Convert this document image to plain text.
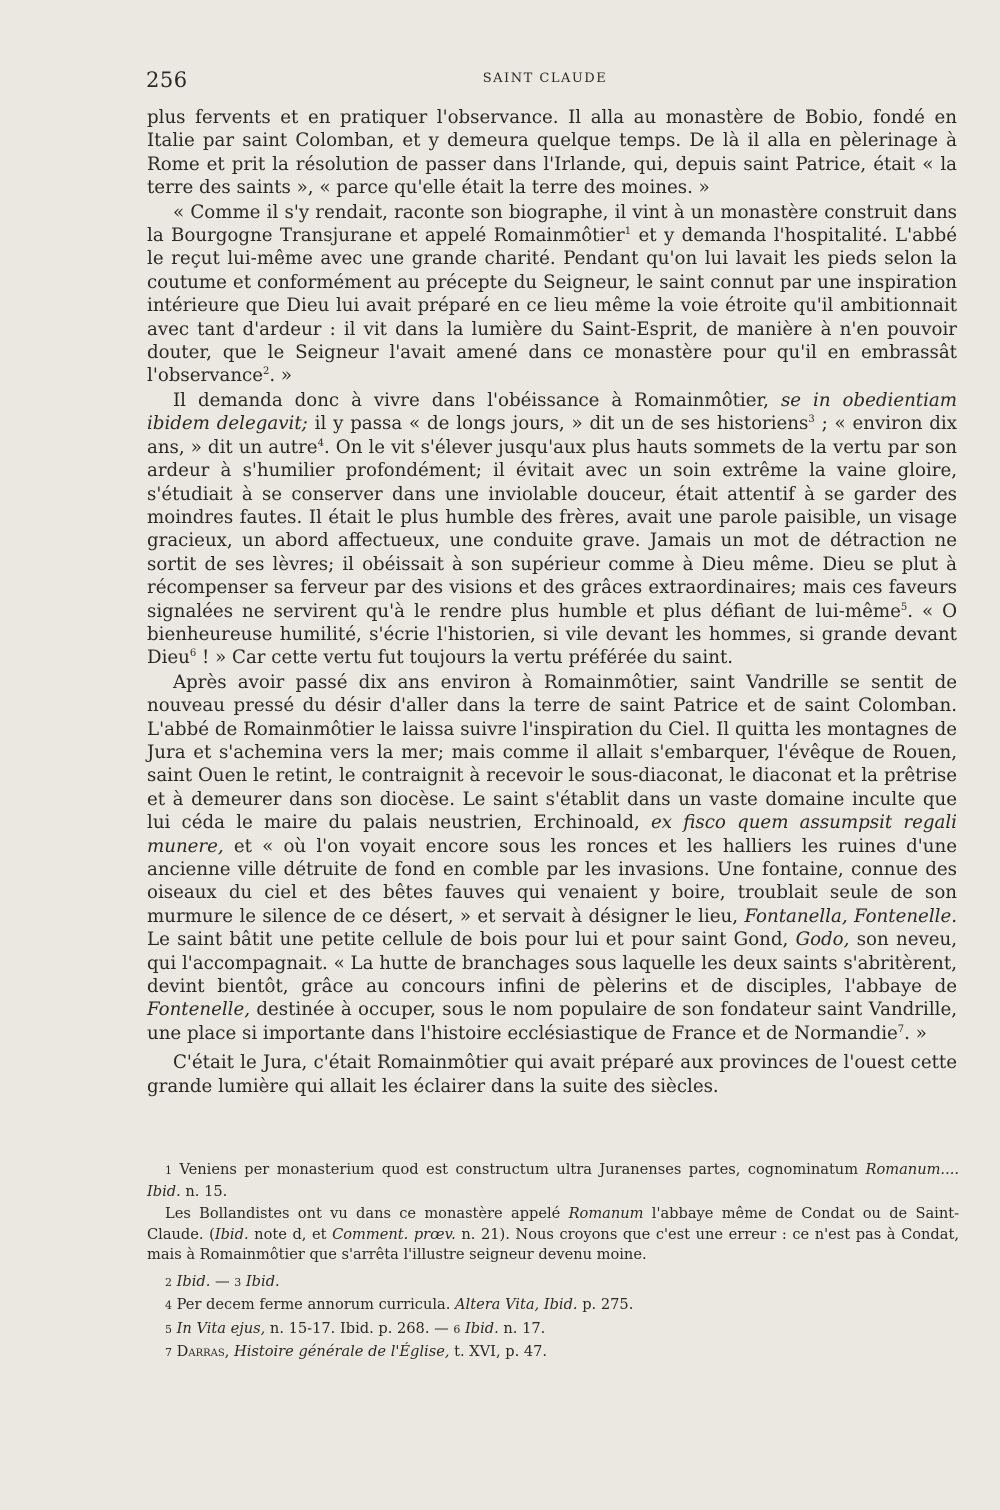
256	SAINT CLAUDE

plus fervents et en pratiquer l'observance. Il alla au monastère de Bobio, fondé en Italie par saint Colomban, et y demeura quelque temps. De là il alla en pèlerinage à Rome et prit la résolution de passer dans l'Irlande, qui, depuis saint Patrice, était « la terre des saints », « parce qu'elle était la terre des moines. »

« Comme il s'y rendait, raconte son biographe, il vint à un monastère construit dans la Bourgogne Transjurane et appelé Romainmôtier$^1$ et y demanda l'hospitalité. L'abbé le reçut lui-même avec une grande charité. Pendant qu'on lui lavait les pieds selon la coutume et conformément au précepte du Seigneur, le saint connut par une inspiration intérieure que Dieu lui avait préparé en ce lieu même la voie étroite qu'il ambitionnait avec tant d'ardeur : il vit dans la lumière du Saint-Esprit, de manière à n'en pouvoir douter, que le Seigneur l'avait amené dans ce monastère pour qu'il en embrassât l'observance$^2$. »

Il demanda donc à vivre dans l'obéissance à Romainmôtier, se in obedientiam ibidem delegavit; il y passa « de longs jours, » dit un de ses historiens$^3$ ; « environ dix ans, » dit un autre$^4$. On le vit s'élever jusqu'aux plus hauts sommets de la vertu par son ardeur à s'humilier profondément; il évitait avec un soin extrême la vaine gloire, s'étudiait à se conserver dans une inviolable douceur, était attentif à se garder des moindres fautes. Il était le plus humble des frères, avait une parole paisible, un visage gracieux, un abord affectueux, une conduite grave. Jamais un mot de détraction ne sortit de ses lèvres; il obéissait à son supérieur comme à Dieu même. Dieu se plut à récompenser sa ferveur par des visions et des grâces extraordinaires; mais ces faveurs signalées ne servirent qu'à le rendre plus humble et plus défiant de lui-même$^5$. « O bienheureuse humilité, s'écrie l'historien, si vile devant les hommes, si grande devant Dieu$^6$ ! » Car cette vertu fut toujours la vertu préférée du saint.

Après avoir passé dix ans environ à Romainmôtier, saint Vandrille se sentit de nouveau pressé du désir d'aller dans la terre de saint Patrice et de saint Colomban. L'abbé de Romainmôtier le laissa suivre l'inspiration du Ciel. Il quitta les montagnes de Jura et s'achemina vers la mer; mais comme il allait s'embarquer, l'évêque de Rouen, saint Ouen le retint, le contraignit à recevoir le sous-diaconat, le diaconat et la prêtrise et à demeurer dans son diocèse. Le saint s'établit dans un vaste domaine inculte que lui céda le maire du palais neustrien, Erchinoald, ex fisco quem assumpsit regali munere, et « où l'on voyait encore sous les ronces et les halliers les ruines d'une ancienne ville détruite de fond en comble par les invasions. Une fontaine, connue des oiseaux du ciel et des bêtes fauves qui venaient y boire, troublait seule de son murmure le silence de ce désert, » et servait à désigner le lieu, Fontanella, Fontenelle. Le saint bâtit une petite cellule de bois pour lui et pour saint Gond, Godo, son neveu, qui l'accompagnait. « La hutte de branchages sous laquelle les deux saints s'abritèrent, devint bientôt, grâce au concours infini de pèlerins et de disciples, l'abbaye de Fontenelle, destinée à occuper, sous le nom populaire de son fondateur saint Vandrille, une place si importante dans l'histoire ecclésiastique de France et de Normandie$^7$. »

C'était le Jura, c'était Romainmôtier qui avait préparé aux provinces de l'ouest cette grande lumière qui allait les éclairer dans la suite des siècles.

1 Veniens per monasterium quod est constructum ultra Juranenses partes, cognominatum Romanum.... Ibid. n. 15.

Les Bollandistes ont vu dans ce monastère appelé Romanum l'abbaye même de Condat ou de Saint-Claude. (Ibid. note d, et Comment. prœv. n. 21). Nous croyons que c'est une erreur : ce n'est pas à Condat, mais à Romainmôtier que s'arrêta l'illustre seigneur devenu moine.

2 Ibid. — 3 Ibid.

4 Per decem ferme annorum curricula. Altera Vita, Ibid. p. 275.

5 In Vita ejus, n. 15-17. Ibid. p. 268. — 6 Ibid. n. 17.

7 Darras, Histoire générale de l'Église, t. XVI, p. 47.
